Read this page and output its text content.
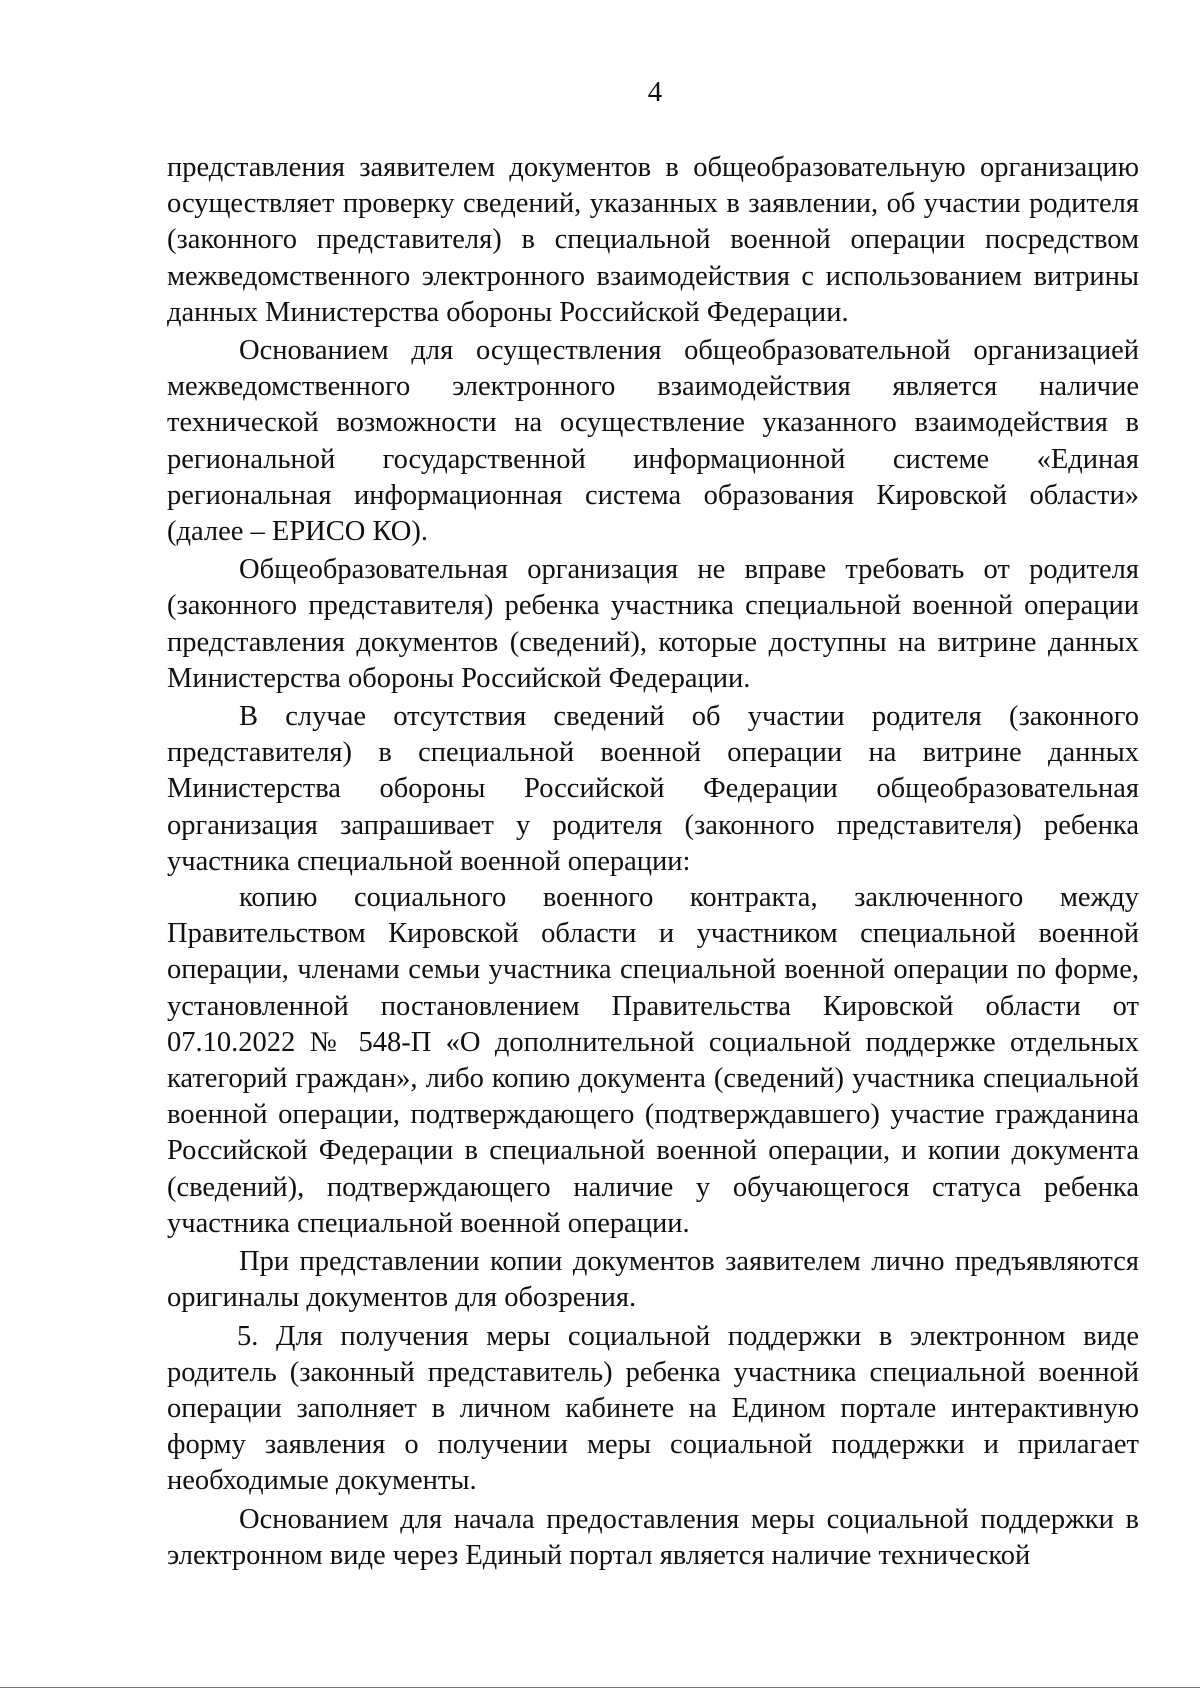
4

представления заявителем документов в общеобразовательную организацию осуществляет проверку сведений, указанных в заявлении, об участии родителя (законного представителя) в специальной военной операции посредством межведомственного электронного взаимодействия с использованием витрины данных Министерства обороны Российской Федерации.

Основанием для осуществления общеобразовательной организацией межведомственного электронного взаимодействия является наличие технической возможности на осуществление указанного взаимодействия в региональной государственной информационной системе «Единая региональная информационная система образования Кировской области» (далее – ЕРИСО КО).

Общеобразовательная организация не вправе требовать от родителя (законного представителя) ребенка участника специальной военной операции представления документов (сведений), которые доступны на витрине данных Министерства обороны Российской Федерации.

В случае отсутствия сведений об участии родителя (законного представителя) в специальной военной операции на витрине данных Министерства обороны Российской Федерации общеобразовательная организация запрашивает у родителя (законного представителя) ребенка участника специальной военной операции:

копию социального военного контракта, заключенного между Правительством Кировской области и участником специальной военной операции, членами семьи участника специальной военной операции по форме, установленной постановлением Правительства Кировской области от 07.10.2022 № 548-П «О дополнительной социальной поддержке отдельных категорий граждан», либо копию документа (сведений) участника специальной военной операции, подтверждающего (подтверждавшего) участие гражданина Российской Федерации в специальной военной операции, и копии документа (сведений), подтверждающего наличие у обучающегося статуса ребенка участника специальной военной операции.

При представлении копии документов заявителем лично предъявляются оригиналы документов для обозрения.

5. Для получения меры социальной поддержки в электронном виде родитель (законный представитель) ребенка участника специальной военной операции заполняет в личном кабинете на Едином портале интерактивную форму заявления о получении меры социальной поддержки и прилагает необходимые документы.

Основанием для начала предоставления меры социальной поддержки в электронном виде через Единый портал является наличие технической
